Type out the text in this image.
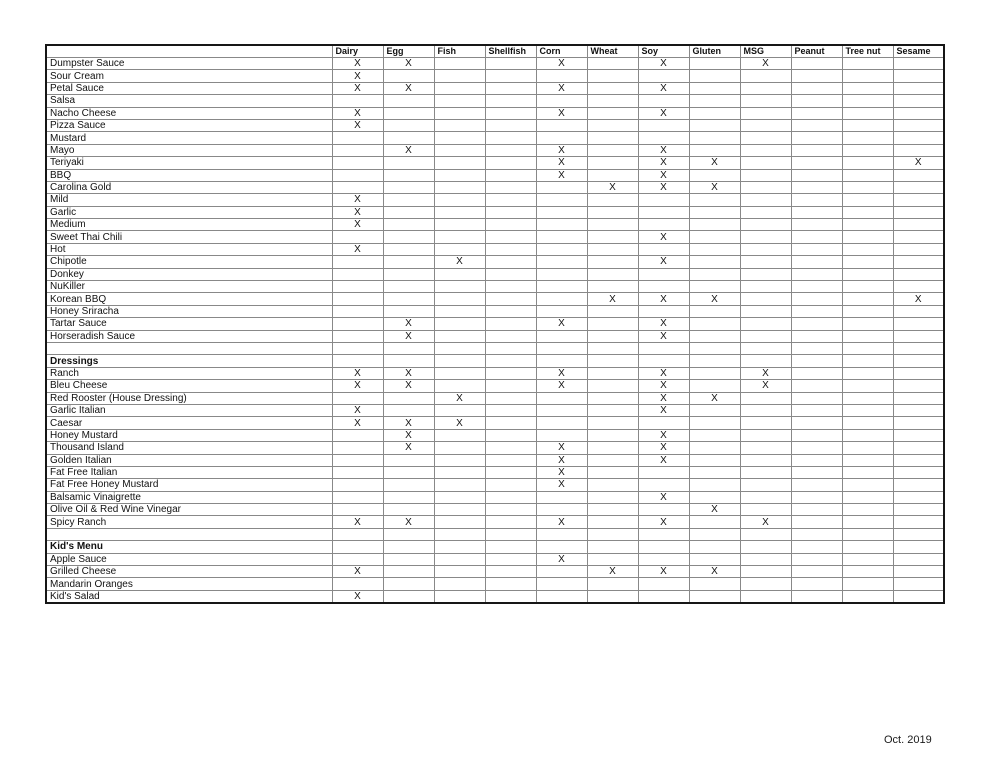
	Dairy	Egg	Fish	Shellfish	Corn	Wheat	Soy	Gluten	MSG	Peanut	Tree nut	Sesame
Dumpster Sauce	X	X			X		X		X			
Sour Cream	X											
Petal Sauce	X	X			X		X					
Salsa												
Nacho Cheese	X				X		X					
Pizza Sauce	X											
Mustard												
Mayo		X			X		X					
Teriyaki					X		X	X				X
BBQ					X		X					
Carolina Gold						X	X	X				
Mild	X											
Garlic	X											
Medium	X											
Sweet Thai Chili							X					
Hot	X											
Chipotle			X				X					
Donkey												
NuKiller												
Korean BBQ						X	X	X				X
Honey Sriracha												
Tartar Sauce		X			X		X					
Horseradish Sauce		X					X					

Dressings												
Ranch	X	X			X		X		X			
Bleu Cheese	X	X			X		X		X			
Red Rooster (House Dressing)			X				X	X				
Garlic Italian	X						X					
Caesar	X	X	X									
Honey Mustard		X					X					
Thousand Island		X			X		X					
Golden Italian					X		X					
Fat Free Italian					X							
Fat Free Honey Mustard					X							
Balsamic Vinaigrette							X					
Olive Oil & Red Wine Vinegar								X				
Spicy Ranch	X	X			X		X		X			

Kid's Menu												
Apple Sauce					X							
Grilled Cheese	X					X	X	X				
Mandarin Oranges												
Kid's Salad	X											
Oct. 2019
